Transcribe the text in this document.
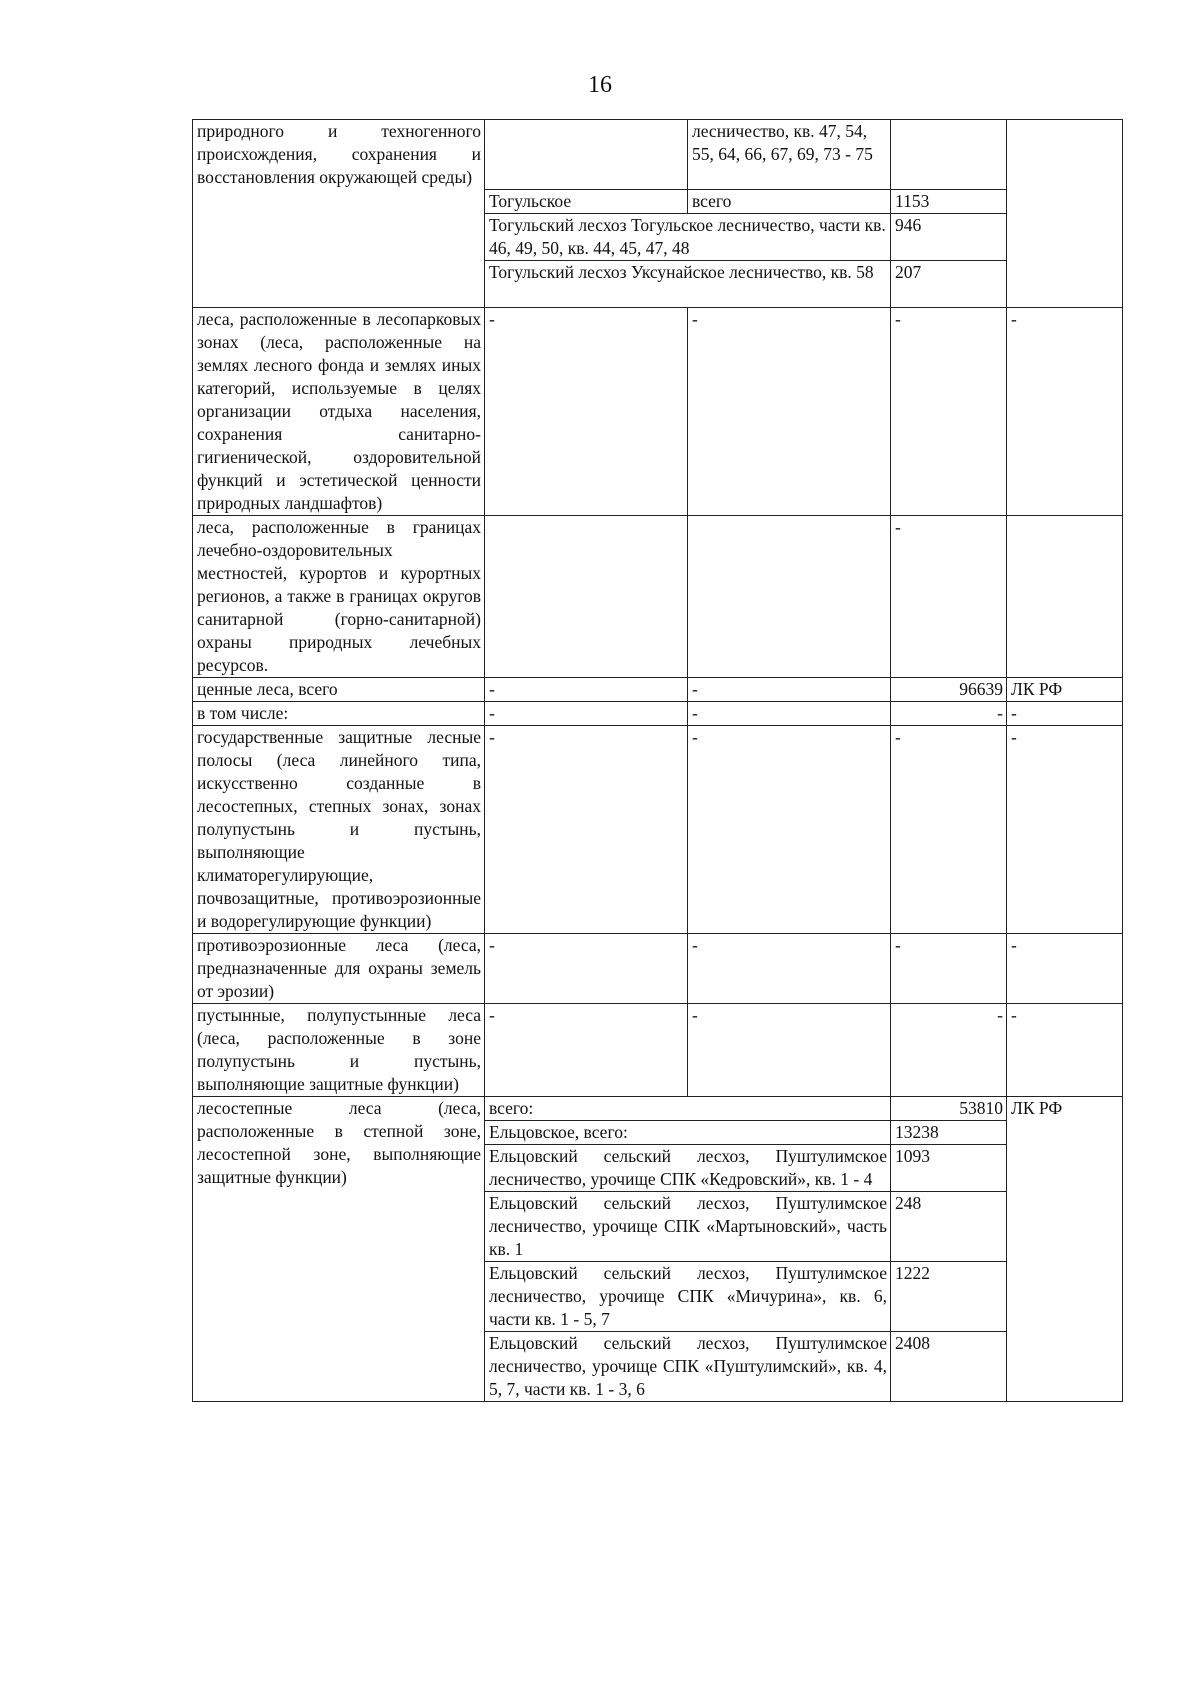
16
природного и техногенного происхождения, сохранения и восстановления окружающей среды)		лесничество, кв. 47, 54, 55, 64, 66, 67, 69, 73 - 75		
	Тогульское	всего	1153	
	Тогульский лесхоз Тогульское лесничество, части кв. 46, 49, 50, кв. 44, 45, 47, 48		946	
	Тогульский лесхоз Уксунайское лесничество, кв. 58		207	
леса, расположенные в лесопарковых зонах (леса, расположенные на землях лесного фонда и землях иных категорий, используемые в целях организации отдыха населения, сохранения санитарно-гигиенической, оздоровительной функций и эстетической ценности природных ландшафтов)	-	-	-	-
леса, расположенные в границах лечебно-оздоровительных местностей, курортов и курортных регионов, а также в границах округов санитарной (горно-санитарной) охраны природных лечебных ресурсов.			-	
ценные леса, всего	-	-	96639	ЛК РФ
в том числе:	-	-	-	-
государственные защитные лесные полосы (леса линейного типа, искусственно созданные в лесостепных, степных зонах, зонах полупустынь и пустынь, выполняющие климаторегулирующие, почвозащитные, противоэрозионные и водорегулирующие функции)	-	-	-	-
противоэрозионные леса (леса, предназначенные для охраны земель от эрозии)	-	-	-	-
пустынные, полупустынные леса (леса, расположенные в зоне полупустынь и пустынь, выполняющие защитные функции)	-	-	-	-
лесостепные леса (леса, расположенные в степной зоне, лесостепной зоне, выполняющие защитные функции)	всего:		53810	ЛК РФ
	Ельцовское, всего:		13238	
	Ельцовский сельский лесхоз, Пуштулимское лесничество, урочище СПК «Кедровский», кв. 1 - 4		1093	
	Ельцовский сельский лесхоз, Пуштулимское лесничество, урочище СПК «Мартыновский», часть кв. 1		248	
	Ельцовский сельский лесхоз, Пуштулимское лесничество, урочище СПК «Мичурина», кв. 6, части кв. 1 - 5, 7		1222	
	Ельцовский сельский лесхоз, Пуштулимское лесничество, урочище СПК «Пуштулимский», кв. 4, 5, 7, части кв. 1 - 3, 6		2408	
